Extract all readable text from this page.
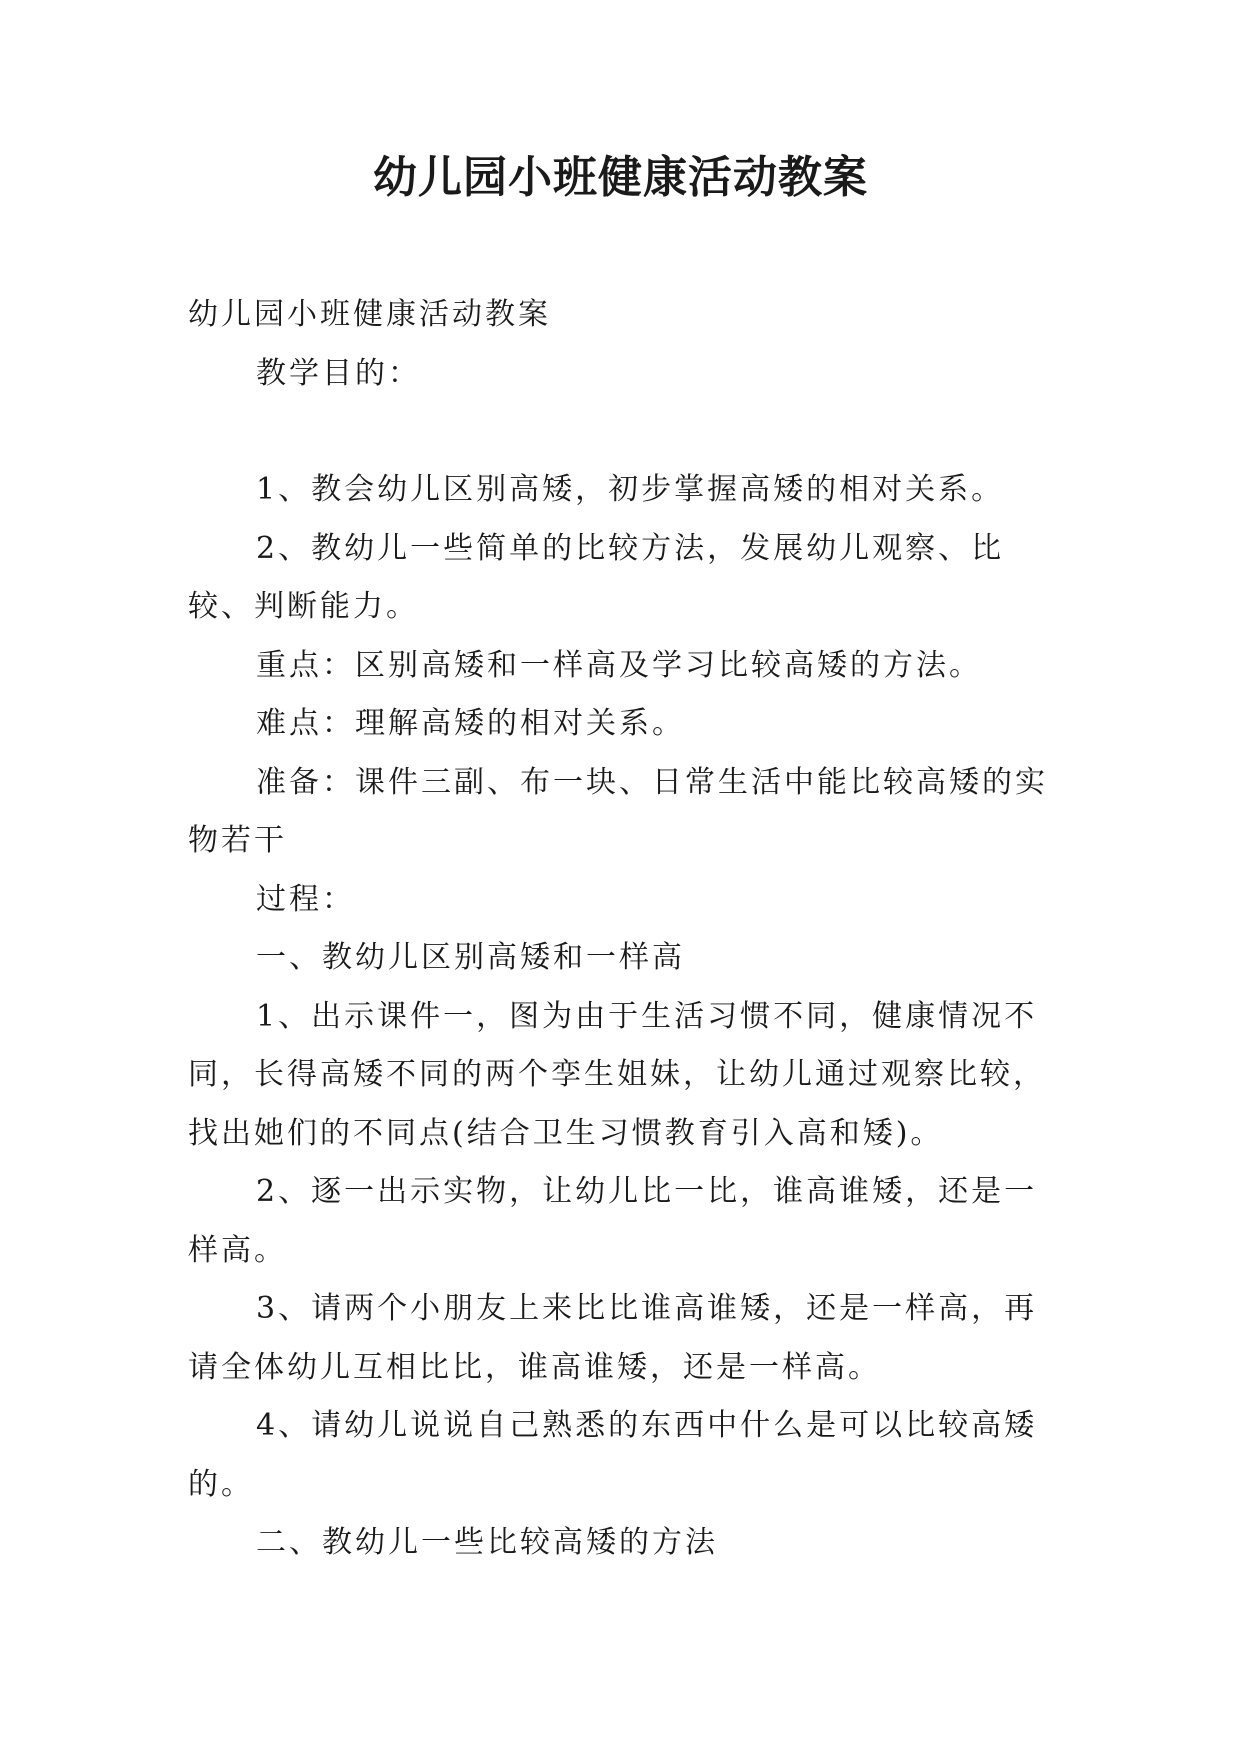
幼儿园小班健康活动教案

幼儿园小班健康活动教案

教学目的：

1、教会幼儿区别高矮，初步掌握高矮的相对关系。

2、教幼儿一些简单的比较方法，发展幼儿观察、比较、判断能力。

重点：区别高矮和一样高及学习比较高矮的方法。

难点：理解高矮的相对关系。

准备：课件三副、布一块、日常生活中能比较高矮的实物若干

过程：

一、教幼儿区别高矮和一样高

1、出示课件一，图为由于生活习惯不同，健康情况不同，长得高矮不同的两个孪生姐妹，让幼儿通过观察比较，找出她们的不同点(结合卫生习惯教育引入高和矮)。

2、逐一出示实物，让幼儿比一比，谁高谁矮，还是一样高。

3、请两个小朋友上来比比谁高谁矮，还是一样高，再请全体幼儿互相比比，谁高谁矮，还是一样高。

4、请幼儿说说自己熟悉的东西中什么是可以比较高矮的。

二、教幼儿一些比较高矮的方法
